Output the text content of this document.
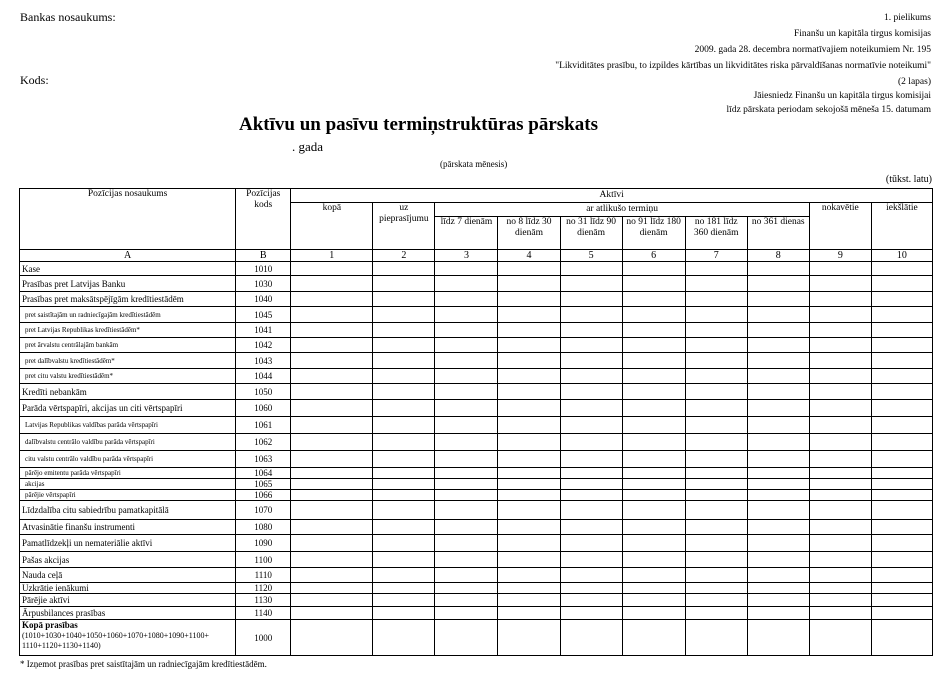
Bankas nosaukums:
Kods:
1. pielikums
Finanšu un kapitāla tirgus komisijas
2009. gada 28. decembra normatīvajiem noteikumiem Nr. 195
"Likviditātes prasību, to izpildes kārtības un likviditātes riska pārvaldīšanas normatīvie noteikumi"
(2 lapas)
Jāiesniedz Finanšu un kapitāla tirgus komisijai
līdz pārskata periodam sekojošā mēneša 15. datumam
Aktīvu un pasīvu termiņstruktūras pārskats
. gada
(pārskata mēnesis)
(tūkst. latu)
Pozīcijas nosaukums	Pozīcijas kods	Aktīvi									
		kopā	uz pieprasījumu	ar atlikušo termiņu						nokavētie	iekšlātie
				līdz 7 dienām	no 8 līdz 30 dienām	no 31 līdz 90 dienām	no 91 līdz 180 dienām	no 181 līdz 360 dienām	no 361 dienas		
A	B	1	2	3	4	5	6	7	8	9	10
Kase	1010										
Prasības pret Latvijas Banku	1030										
Prasības pret maksātspējīgām kredītiestādēm	1040										
pret saistītajām un radniecīgajām kredītiestādēm	1045										
pret Latvijas Republikas kredītiestādēm*	1041										
pret ārvalstu centrālajām bankām	1042										
pret dalībvalstu kredītiestādēm*	1043										
pret citu valstu kredītiestādēm*	1044										
Kredīti nebankām	1050										
Parāda vērtspapīri, akcijas un citi vērtspapīri	1060										
Latvijas Republikas valdības parāda vērtspapīri	1061										
dalībvalstu centrālo valdību parāda vērtspapīri	1062										
citu valstu centrālo valdību parāda vērtspapīri	1063										
pārējo emitentu parāda vērtspapīri	1064										
akcijas	1065										
pārējie vērtspapīri	1066										
Līdzdalība citu sabiedrību pamatkapitālā	1070										
Atvasinātie finanšu instrumenti	1080										
Pamatlīdzekļi un nemateriālie aktīvi	1090										
Pašas akcijas	1100										
Nauda ceļā	1110										
Uzkrātie ienākumi	1120										
Pārējie aktīvi	1130										
Ārpusbilances prasības	1140										
Kopā prasības
(1010+1030+1040+1050+1060+1070+1080+1090+1100+ 1110+1120+1130+1140)	1000										
* Izņemot prasības pret saistītajām un radniecīgajām kredītiestādēm.
